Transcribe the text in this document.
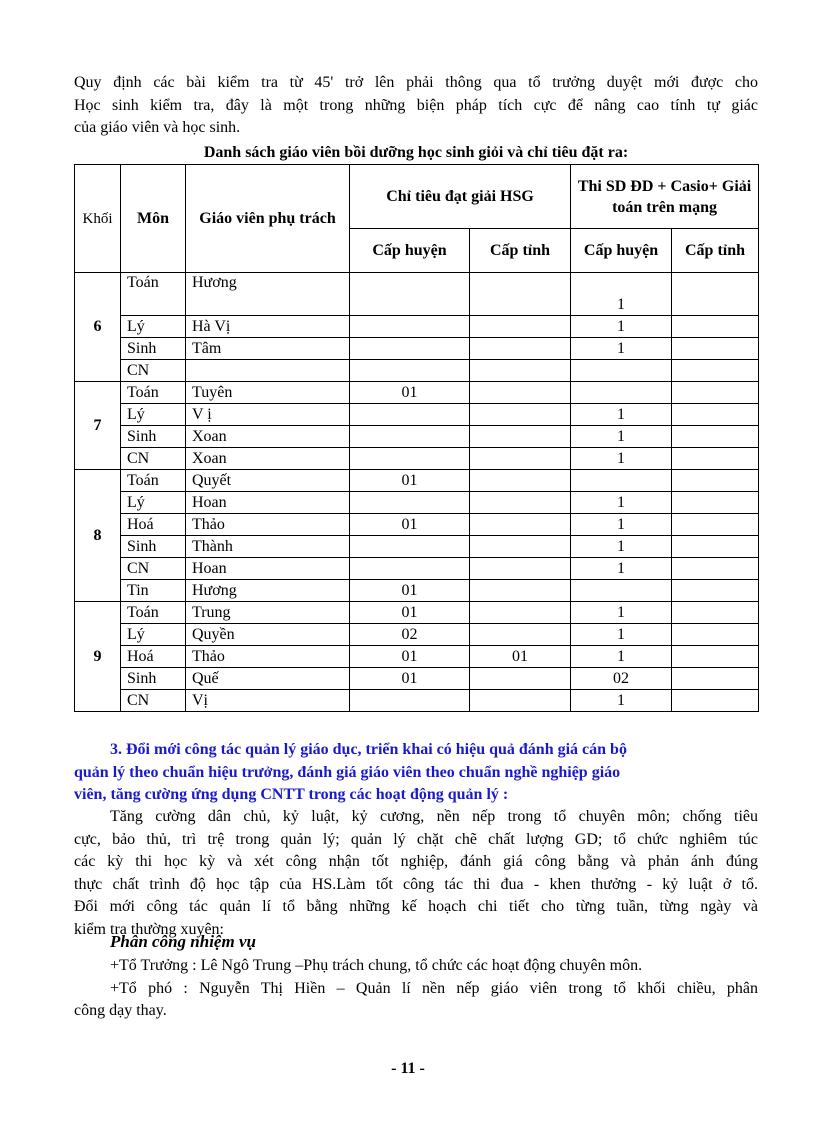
Quy định các bài kiểm tra từ 45' trở lên phải thông qua tổ trưởng duyệt mới được cho
Học sinh kiểm tra, đây là một trong những biện pháp tích cực để nâng cao tính tự giác
của giáo viên và học sinh.

Danh sách giáo viên bồi dưỡng học sinh giỏi và chỉ tiêu đặt ra:

Khối	Môn	Giáo viên phụ trách	Chỉ tiêu đạt giải HSG		Thi SD ĐD + Casio+ Giải toán trên mạng	
			Cấp huyện	Cấp tỉnh	Cấp huyện	Cấp tỉnh
6	Toán	Hương			1	
	Lý	Hà Vị			1	
	Sinh	Tâm			1	
	CN					
7	Toán	Tuyên	01			
	Lý	V ị			1	
	Sinh	Xoan			1	
	CN	Xoan			1	
8	Toán	Quyết	01			
	Lý	Hoan			1	
	Hoá	Thảo	01		1	
	Sinh	Thành			1	
	CN	Hoan			1	
	Tin	Hương	01			
9	Toán	Trung	01		1	
	Lý	Quyền	02		1	
	Hoá	Thảo	01	01	1	
	Sinh	Quế	01		02	
	CN	Vị			1	
3. Đổi mới công tác quản lý giáo dục, triển khai có hiệu quả đánh giá cán bộ
quản lý theo chuẩn hiệu trưởng, đánh giá giáo viên theo chuẩn nghề nghiệp giáo
viên, tăng cường ứng dụng CNTT trong các hoạt động quản lý :

Tăng cường dân chủ, kỷ luật, kỷ cương, nền nếp trong tổ chuyên môn; chống tiêu
cực, bảo thủ, trì trệ trong quản lý; quản lý chặt chẽ chất lượng GD; tổ chức nghiêm túc
các kỳ thi học kỳ và xét công nhận tốt nghiệp, đánh giá công bằng và phản ánh đúng
thực chất trình độ học tập của HS.Làm tốt công tác thi đua - khen thưởng - kỷ luật ở tổ.
Đổi mới công tác quản lí tổ bằng những kế hoạch chi tiết cho từng tuần, từng ngày và
kiểm tra thường xuyên:

Phân công nhiệm vụ

+Tổ Trưởng : Lê Ngô Trung –Phụ trách chung, tổ chức các hoạt động chuyên môn.
+Tổ phó : Nguyễn Thị Hiền – Quản lí nền nếp giáo viên trong tổ khối chiều, phân
công dạy thay.

- 11 -
